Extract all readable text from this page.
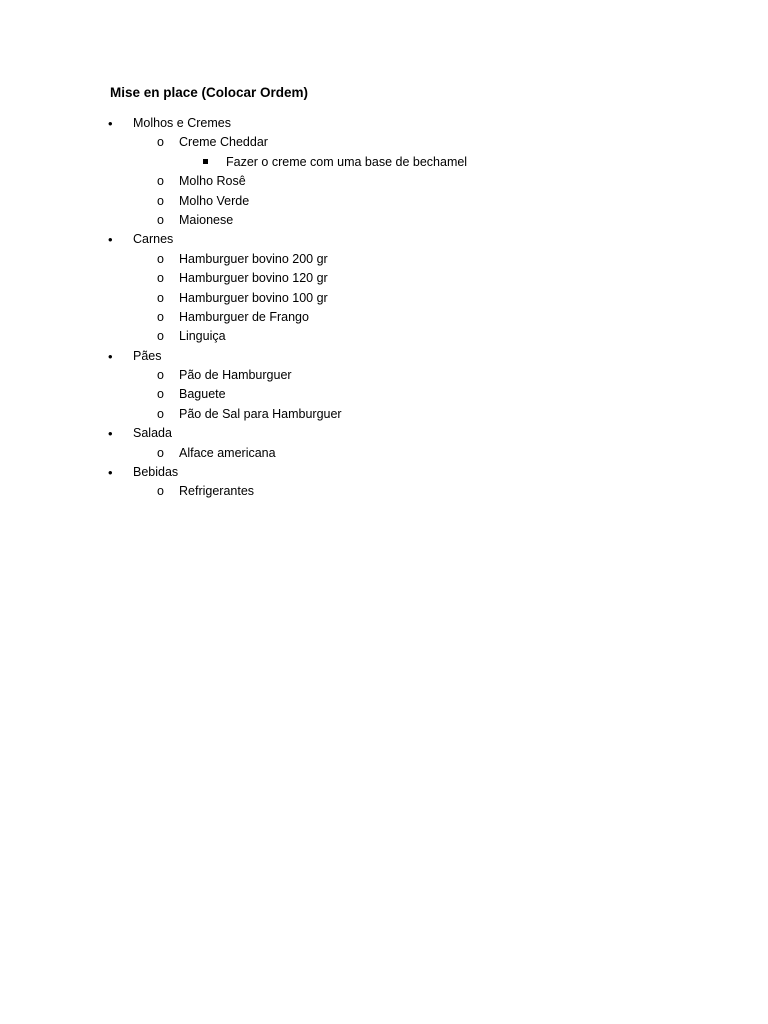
Mise en place (Colocar Ordem)
• Molhos e Cremes
o Creme Cheddar
Fazer o creme com uma base de bechamel
o Molho Rosê
o Molho Verde
o Maionese
• Carnes
o Hamburguer bovino 200 gr
o Hamburguer bovino 120 gr
o Hamburguer bovino 100 gr
o Hamburguer de Frango
o Linguiça
• Pães
o Pão de Hamburguer
o Baguete
o Pão de Sal para Hamburguer
• Salada
o Alface americana
• Bebidas
o Refrigerantes
